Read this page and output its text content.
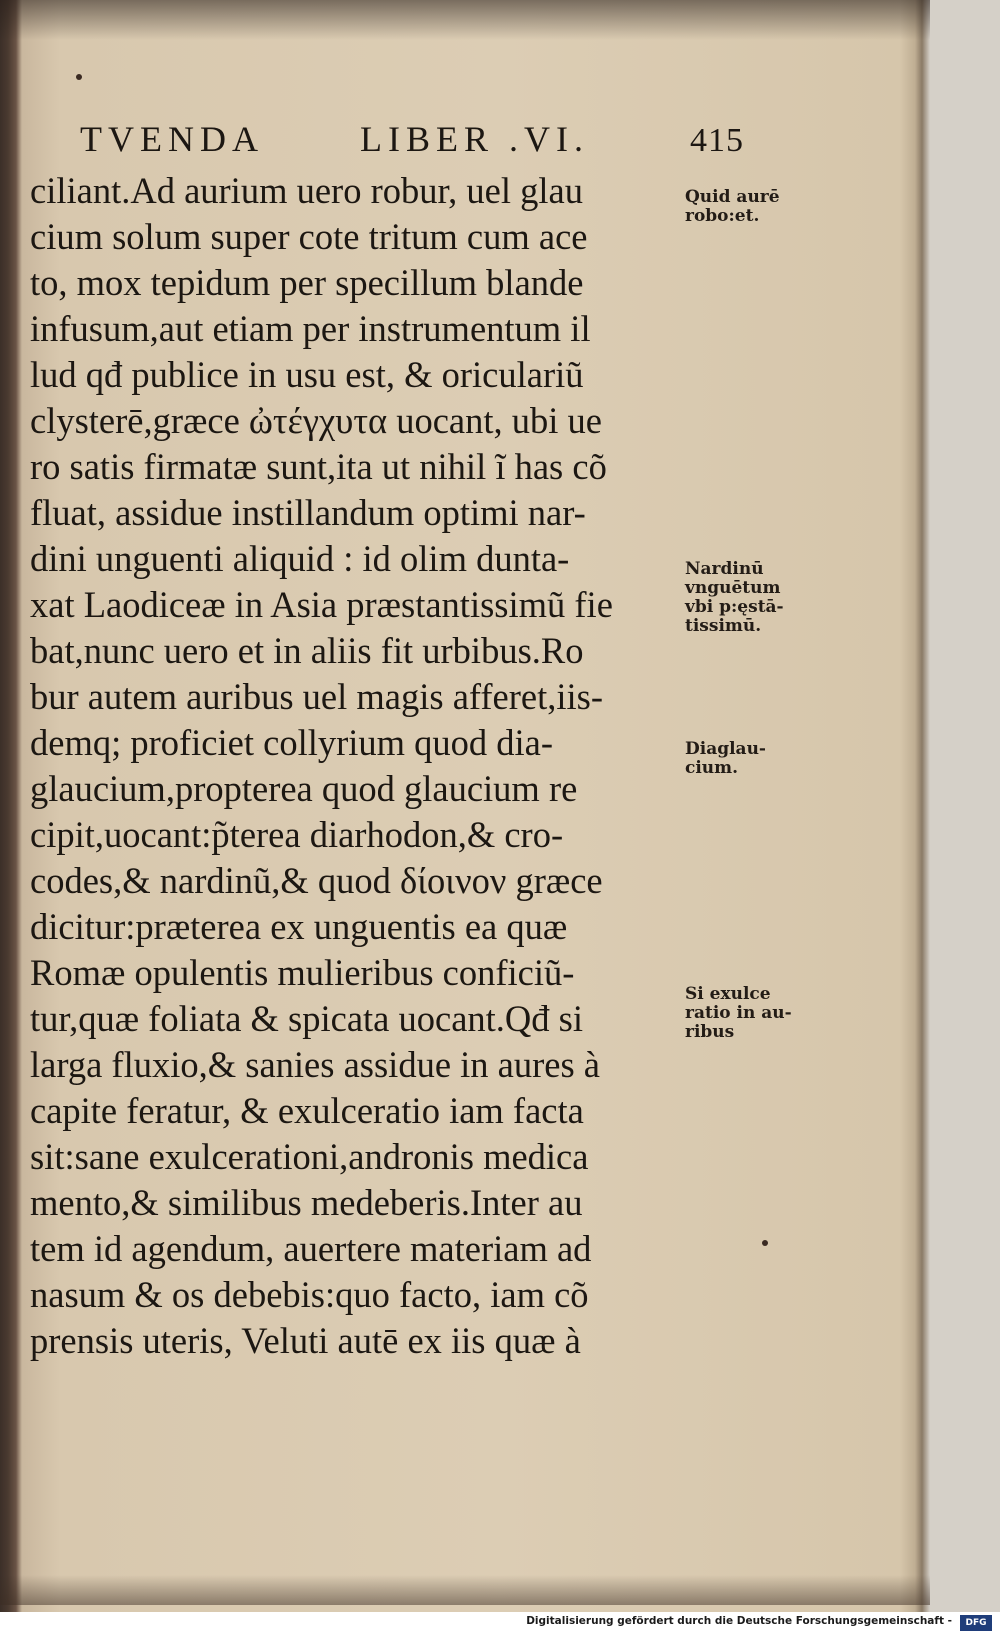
TVENDA	LIBER .VI.	415
ciliant.Ad aurium uero robur, uel glau
cium solum super cote tritum cum ace
to, mox tepidum per specillum blande
infusum,aut etiam per instrumentum il
lud qđ publice in usu est, & oriculariũ
clysterē,græce ὠτέγχυτα uocant, ubi ue
ro satis firmatæ sunt,ita ut nihil ĩ has cõ
fluat, assidue instillandum optimi nar-
dini unguenti aliquid : id olim dunta-
xat Laodiceæ in Asia præstantissimũ fie
bat,nunc uero et in aliis fit urbibus.Ro
bur autem auribus uel magis afferet,iis-
demq; proficiet collyrium quod dia-
glaucium,propterea quod glaucium re
cipit,uocant:p̃terea diarhodon,& cro-
codes,& nardinũ,& quod δίοινον græce
dicitur:præterea ex unguentis ea quæ
Romæ opulentis mulieribus conficiũ-
tur,quæ foliata & spicata uocant.Qđ si
larga fluxio,& sanies assidue in aures à
capite feratur, & exulceratio iam facta
sit:sane exulcerationi,andronis medica
mento,& similibus medeberis.Inter au
tem id agendum, auertere materiam ad
nasum & os debebis:quo facto, iam cõ
prensis uteris, Veluti autē ex iis quæ à
Quid aurē
robo:et.
Nardinū
vnguētum
vbi p:ęstā-
tissimū.
Diaglau-
cium.
Si exulce
ratio in au-
ribus
Digitalisierung gefördert durch die Deutsche Forschungsgemeinschaft -	DFG
